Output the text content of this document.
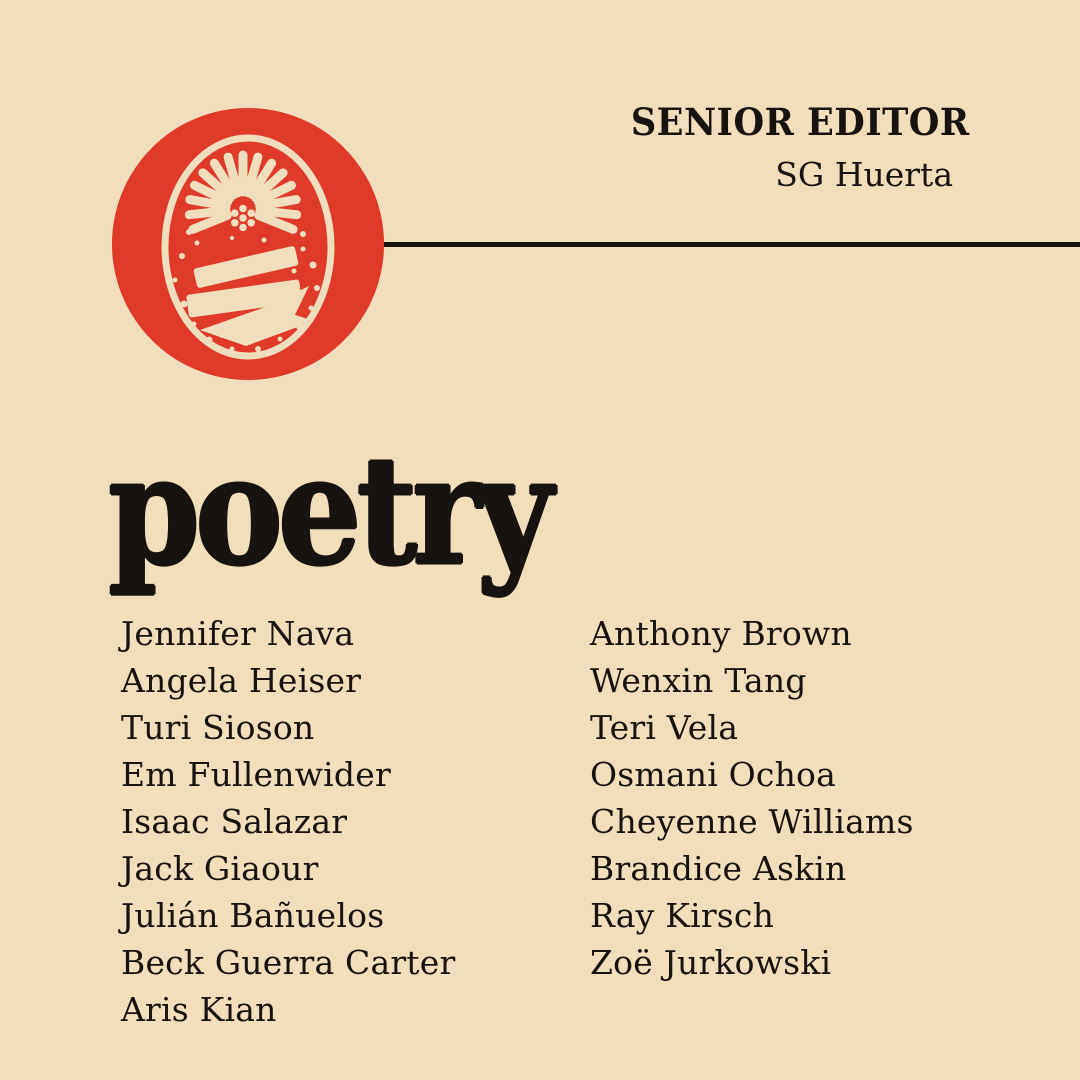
SENIOR EDITOR
SG Huerta
poetry
Jennifer Nava
Angela Heiser
Turi Sioson
Em Fullenwider
Isaac Salazar
Jack Giaour
Julián Bañuelos
Beck Guerra Carter
Aris Kian
Anthony Brown
Wenxin Tang
Teri Vela
Osmani Ochoa
Cheyenne Williams
Brandice Askin
Ray Kirsch
Zoë Jurkowski
